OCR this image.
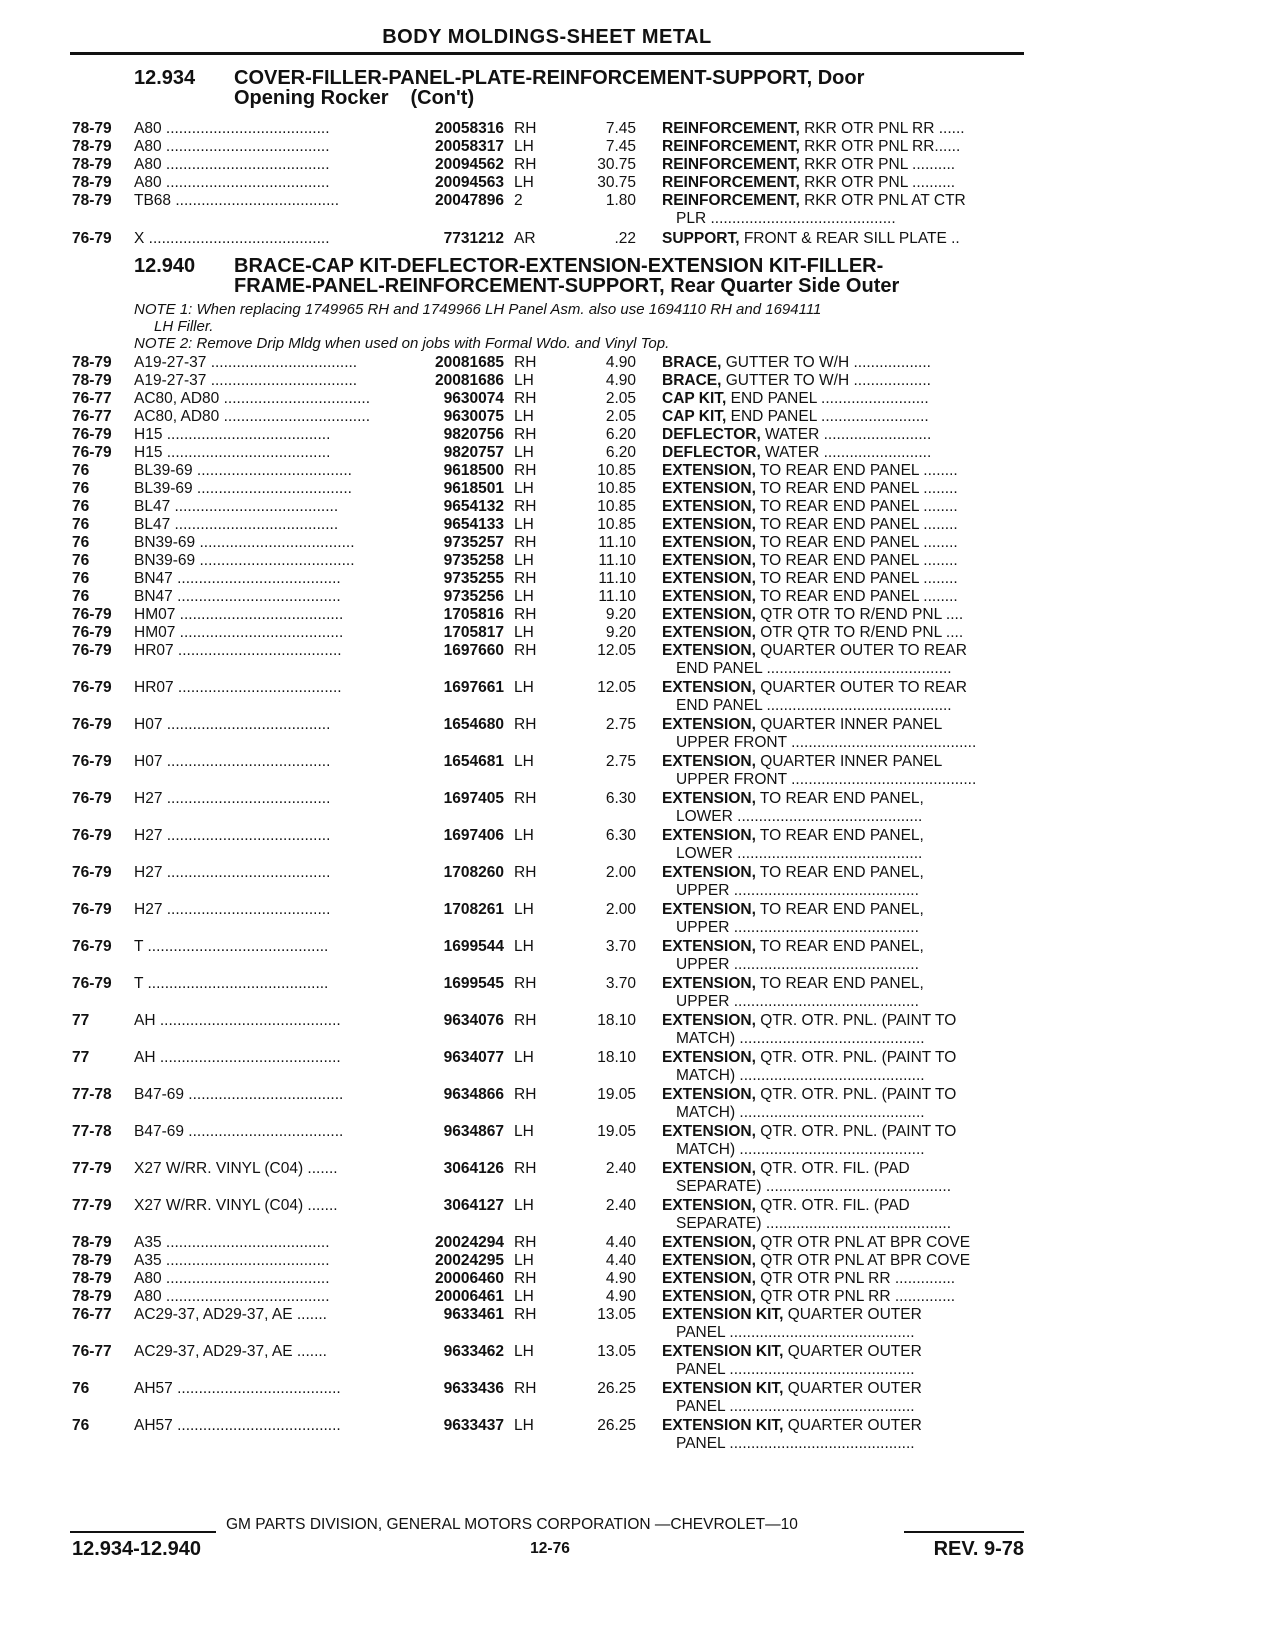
BODY MOLDINGS-SHEET METAL
12.934 COVER-FILLER-PANEL-PLATE-REINFORCEMENT-SUPPORT, Door
Opening Rocker (Con't)
12.940 BRACE-CAP KIT-DEFLECTOR-EXTENSION-EXTENSION KIT-FILLER-
FRAME-PANEL-REINFORCEMENT-SUPPORT, Rear Quarter Side Outer
NOTE 1: When replacing 1749965 RH and 1749966 LH Panel Asm. also use 1694110 RH and 1694111
LH Filler.
NOTE 2: Remove Drip Mldg when used on jobs with Formal Wdo. and Vinyl Top.
78-79 A80 ......................................	20058316 RH	7.45 REINFORCEMENT, RKR OTR PNL RR ......
78-79 A80 ......................................	20058317 LH	7.45 REINFORCEMENT, RKR OTR PNL RR......
78-79 A80 ......................................	20094562 RH	30.75 REINFORCEMENT, RKR OTR PNL ..........
78-79 A80 ......................................	20094563 LH	30.75 REINFORCEMENT, RKR OTR PNL ..........
78-79 TB68 ......................................	20047896 2	1.80 REINFORCEMENT, RKR OTR PNL AT CTR
PLR ...........................................
76-79 X ..........................................	7731212 AR	.22 SUPPORT, FRONT & REAR SILL PLATE ..
78-79 A19-27-37 ..................................	20081685 RH	4.90 BRACE, GUTTER TO W/H ..................
78-79 A19-27-37 ..................................	20081686 LH	4.90 BRACE, GUTTER TO W/H ..................
76-77 AC80, AD80 ..................................	9630074 RH	2.05 CAP KIT, END PANEL .........................
76-77 AC80, AD80 ..................................	9630075 LH	2.05 CAP KIT, END PANEL .........................
76-79 H15 ......................................	9820756 RH	6.20 DEFLECTOR, WATER .........................
76-79 H15 ......................................	9820757 LH	6.20 DEFLECTOR, WATER .........................
76	BL39-69 ....................................	9618500 RH	10.85 EXTENSION, TO REAR END PANEL ........
76	BL39-69 ....................................	9618501 LH	10.85 EXTENSION, TO REAR END PANEL ........
76	BL47 ......................................	9654132 RH	10.85 EXTENSION, TO REAR END PANEL ........
76	BL47 ......................................	9654133 LH	10.85 EXTENSION, TO REAR END PANEL ........
76	BN39-69 ....................................	9735257 RH	11.10 EXTENSION, TO REAR END PANEL ........
76	BN39-69 ....................................	9735258 LH	11.10 EXTENSION, TO REAR END PANEL ........
76	BN47 ......................................	9735255 RH	11.10 EXTENSION, TO REAR END PANEL ........
76	BN47 ......................................	9735256 LH	11.10 EXTENSION, TO REAR END PANEL ........
76-79 HM07 ......................................	1705816 RH	9.20 EXTENSION, QTR OTR TO R/END PNL ....
76-79 HM07 ......................................	1705817 LH	9.20 EXTENSION, OTR QTR TO R/END PNL ....
76-79 HR07 ......................................	1697660 RH	12.05 EXTENSION, QUARTER OUTER TO REAR
END PANEL ...........................................
76-79 HR07 ......................................	1697661 LH	12.05 EXTENSION, QUARTER OUTER TO REAR
END PANEL ...........................................
76-79 H07 ......................................	1654680 RH	2.75 EXTENSION, QUARTER INNER PANEL
UPPER FRONT ...........................................
76-79 H07 ......................................	1654681 LH	2.75 EXTENSION, QUARTER INNER PANEL
UPPER FRONT ...........................................
76-79 H27 ......................................	1697405 RH	6.30 EXTENSION, TO REAR END PANEL,
LOWER ...........................................
76-79 H27 ......................................	1697406 LH	6.30 EXTENSION, TO REAR END PANEL,
LOWER ...........................................
76-79 H27 ......................................	1708260 RH	2.00 EXTENSION, TO REAR END PANEL,
UPPER ...........................................
76-79 H27 ......................................	1708261 LH	2.00 EXTENSION, TO REAR END PANEL,
UPPER ...........................................
76-79 T ..........................................	1699544 LH	3.70 EXTENSION, TO REAR END PANEL,
UPPER ...........................................
76-79 T ..........................................	1699545 RH	3.70 EXTENSION, TO REAR END PANEL,
UPPER ...........................................
77	AH ..........................................	9634076 RH	18.10 EXTENSION, QTR. OTR. PNL. (PAINT TO
MATCH) ...........................................
77	AH ..........................................	9634077 LH	18.10 EXTENSION, QTR. OTR. PNL. (PAINT TO
MATCH) ...........................................
77-78 B47-69 ....................................	9634866 RH	19.05 EXTENSION, QTR. OTR. PNL. (PAINT TO
MATCH) ...........................................
77-78 B47-69 ....................................	9634867 LH	19.05 EXTENSION, QTR. OTR. PNL. (PAINT TO
MATCH) ...........................................
77-79 X27 W/RR. VINYL (C04) .......	3064126 RH	2.40 EXTENSION, QTR. OTR. FIL. (PAD
SEPARATE) ...........................................
77-79 X27 W/RR. VINYL (C04) .......	3064127 LH	2.40 EXTENSION, QTR. OTR. FIL. (PAD
SEPARATE) ...........................................
78-79 A35 ......................................	20024294 RH	4.40 EXTENSION, QTR OTR PNL AT BPR COVE
78-79 A35 ......................................	20024295 LH	4.40 EXTENSION, QTR OTR PNL AT BPR COVE
78-79 A80 ......................................	20006460 RH	4.90 EXTENSION, QTR OTR PNL RR ..............
78-79 A80 ......................................	20006461 LH	4.90 EXTENSION, QTR OTR PNL RR ..............
76-77 AC29-37, AD29-37, AE .......	9633461 RH	13.05 EXTENSION KIT, QUARTER OUTER
PANEL ...........................................
76-77 AC29-37, AD29-37, AE .......	9633462 LH	13.05 EXTENSION KIT, QUARTER OUTER
PANEL ...........................................
76	AH57 ......................................	9633436 RH	26.25 EXTENSION KIT, QUARTER OUTER
PANEL ...........................................
76	AH57 ......................................	9633437 LH	26.25 EXTENSION KIT, QUARTER OUTER
PANEL ...........................................
GM PARTS DIVISION, GENERAL MOTORS CORPORATION —CHEVROLET—10
12.934-12.940	12-76	REV. 9-78
